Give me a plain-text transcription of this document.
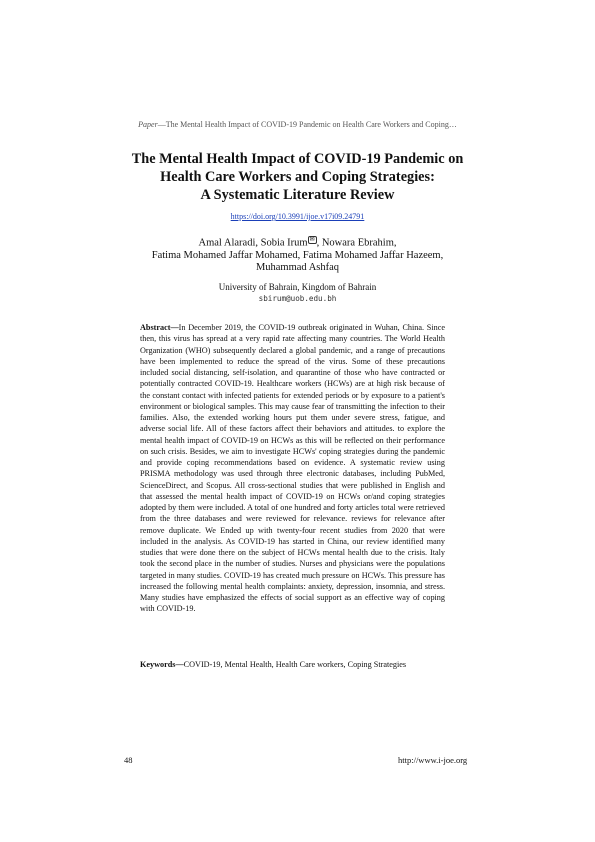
Paper—The Mental Health Impact of COVID-19 Pandemic on Health Care Workers and Coping…
The Mental Health Impact of COVID-19 Pandemic on
Health Care Workers and Coping Strategies:
A Systematic Literature Review
https://doi.org/10.3991/ijoe.v17i09.24791
Amal Alaradi, Sobia Irum ✉ , Nowara Ebrahim,
Fatima Mohamed Jaffar Mohamed, Fatima Mohamed Jaffar Hazeem,
Muhammad Ashfaq
University of Bahrain, Kingdom of Bahrain
sbirum@uob.edu.bh

Abstract—In December 2019, the COVID-19 outbreak originated in Wuhan, China. Since then, this virus has spread at a very rapid rate affecting many countries. The World Health Organization (WHO) subsequently declared a global pandemic, and a range of precautions have been implemented to reduce the spread of the virus. Some of these precautions included social distancing, self-isolation, and quarantine of those who have contracted or potentially contracted COVID-19. Healthcare workers (HCWs) are at high risk because of the constant contact with infected patients for extended periods or by exposure to a patient's environment or biological samples. This may cause fear of transmitting the infection to their families. Also, the extended working hours put them under severe stress, fatigue, and adverse social life. All of these factors affect their behaviors and attitudes. to explore the mental health impact of COVID-19 on HCWs as this will be reflected on their performance on such crisis. Besides, we aim to investigate HCWs' coping strategies during the pandemic and provide coping recommendations based on evidence. A systematic review using PRISMA methodology was used through three electronic databases, including PubMed, ScienceDirect, and Scopus. All cross-sectional studies that were published in English and that assessed the mental health impact of COVID-19 on HCWs or/and coping strategies adopted by them were included. A total of one hundred and forty articles total were retrieved from the three databases and were reviewed for relevance. reviews for relevance after remove duplicate. We Ended up with twenty-four recent studies from 2020 that were included in the analysis. As COVID-19 has started in China, our review identified many studies that were done there on the subject of HCWs mental health due to the crisis. Italy took the second place in the number of studies. Nurses and physicians were the populations targeted in many studies. COVID-19 has created much pressure on HCWs. This pressure has increased the following mental health complaints: anxiety, depression, insomnia, and stress. Many studies have emphasized the effects of social support as an effective way of coping with COVID-19.

Keywords—COVID-19, Mental Health, Health Care workers, Coping Strategies

48	http://www.i-joe.org
